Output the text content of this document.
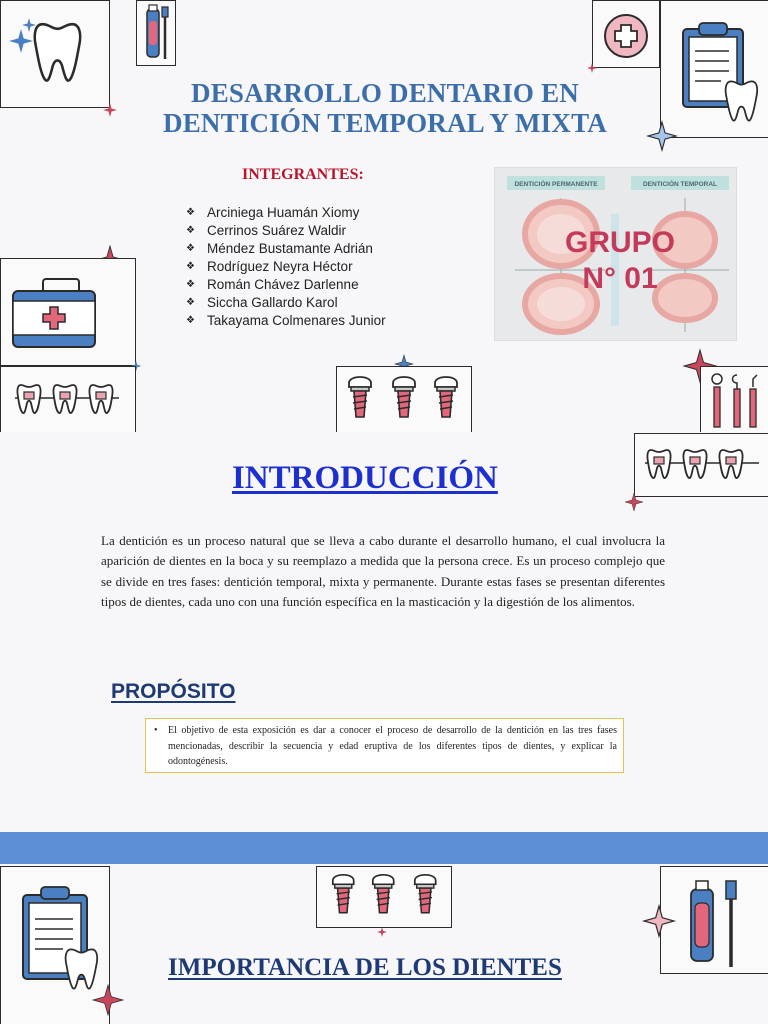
DESARROLLO DENTARIO EN
DENTICIÓN TEMPORAL Y MIXTA
INTEGRANTES:
❖ Arciniega Huamán Xiomy
❖ Cerrinos Suárez Waldir
❖ Méndez Bustamante Adrián
❖ Rodríguez Neyra Héctor
❖ Román Chávez Darlenne
❖ Siccha Gallardo Karol
❖ Takayama Colmenares Junior
DENTICIÓN PERMANENTE	DENTICIÓN TEMPORAL
GRUPO
N° 01
INTRODUCCIÓN

La dentición es un proceso natural que se lleva a cabo durante el desarrollo humano, el cual involucra la aparición de dientes en la boca y su reemplazo a medida que la persona crece. Es un proceso complejo que se divide en tres fases: dentición temporal, mixta y permanente. Durante estas fases se presentan diferentes tipos de dientes, cada uno con una función específica en la masticación y la digestión de los alimentos.

PROPÓSITO
• El objetivo de esta exposición es dar a conocer el proceso de desarrollo de la dentición en las tres fases mencionadas, describir la secuencia y edad eruptiva de los diferentes tipos de dientes, y explicar la odontogénesis.
IMPORTANCIA DE LOS DIENTES
